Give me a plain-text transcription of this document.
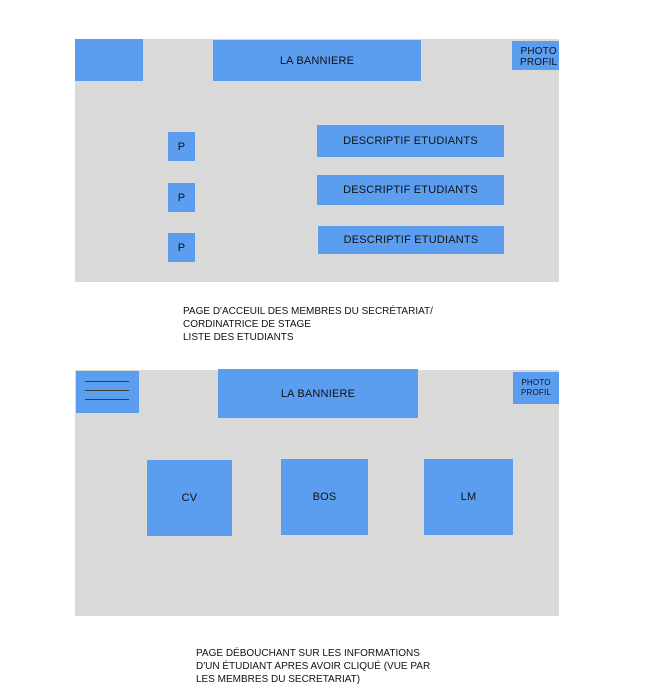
LA BANNIERE
PHOTO
PROFIL
P
P
P
DESCRIPTIF ETUDIANTS
DESCRIPTIF ETUDIANTS
DESCRIPTIF ETUDIANTS
PAGE D'ACCEUIL DES MEMBRES DU SECRÉTARIAT/
CORDINATRICE DE STAGE
LISTE DES ETUDIANTS
LA BANNIERE
PHOTO
PROFIL
CV	BOS	LM
PAGE DÉBOUCHANT SUR LES INFORMATIONS
D'UN ÉTUDIANT APRES AVOIR CLIQUÉ (VUE PAR
LES MEMBRES DU SECRETARIAT)
